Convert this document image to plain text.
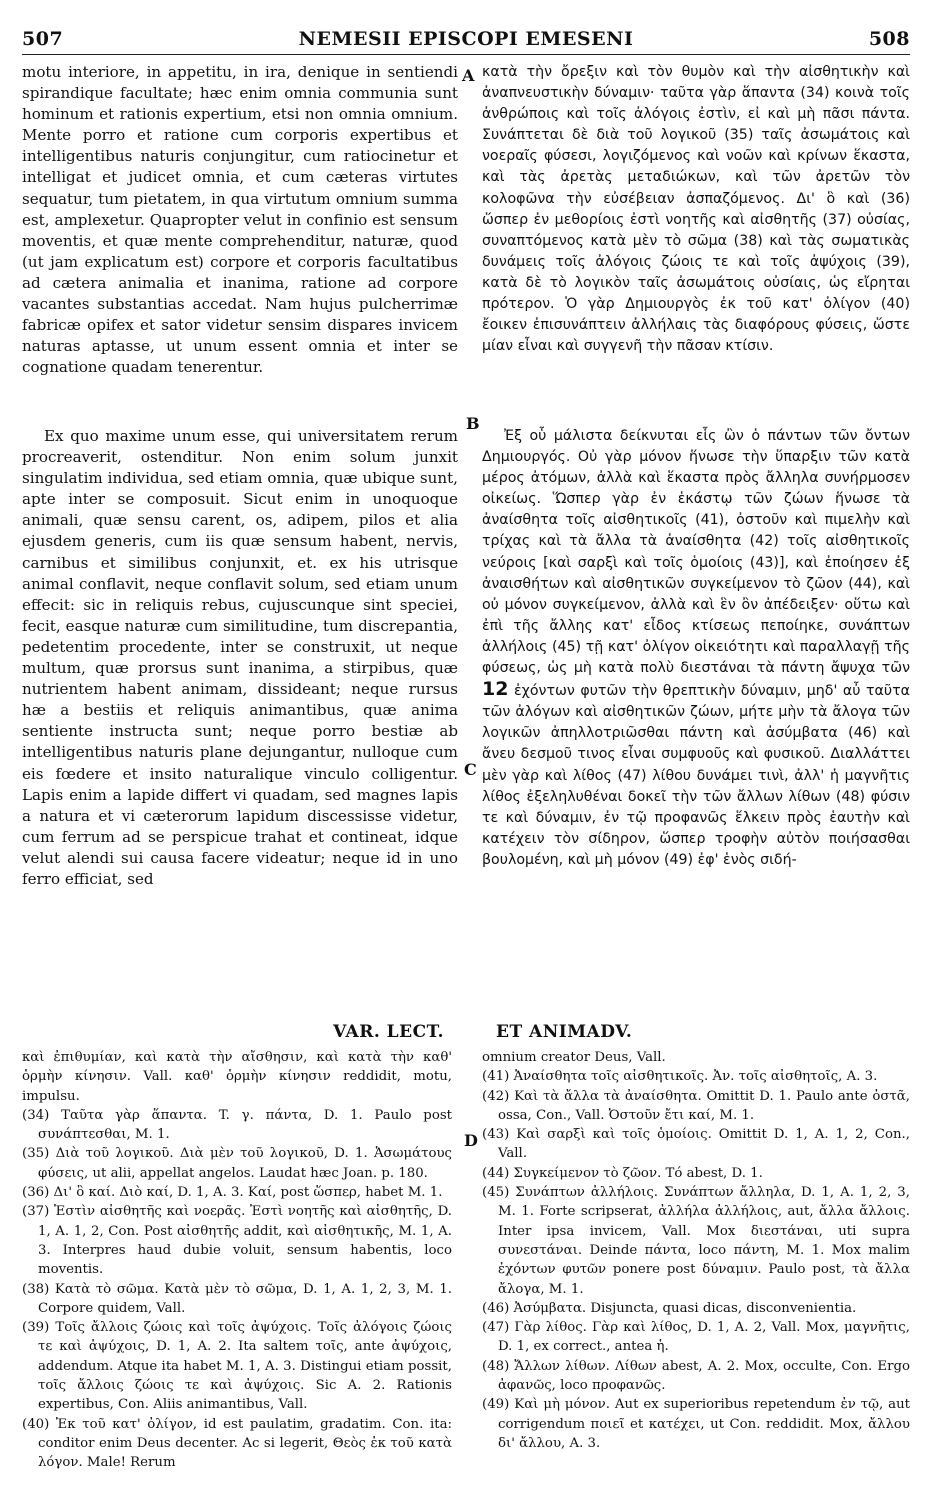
507	NEMESII EPISCOPI EMESENI	508

motu interiore, in appetitu, in ira, denique in sentiendi spirandique facultate; hæc enim omnia communia sunt hominum et rationis expertium, etsi non omnia omnium. Mente porro et ratione cum corporis expertibus et intelligentibus naturis conjungitur, cum ratiocinetur et intelligat et judicet omnia, et cum cæteras virtutes sequatur, tum pietatem, in qua virtutum omnium summa est, amplexetur. Quapropter velut in confinio est sensum moventis, et quæ mente comprehenditur, naturæ, quod (ut jam explicatum est) corpore et corporis facultatibus ad cætera animalia et inanima, ratione ad corpore vacantes substantias accedat. Nam hujus pulcherrimæ fabricæ opifex et sator videtur sensim dispares invicem naturas aptasse, ut unum essent omnia et inter se cognatione quadam tenerentur.

Ex quo maxime unum esse, qui universitatem rerum procreaverit, ostenditur. Non enim solum junxit singulatim individua, sed etiam omnia, quæ ubique sunt, apte inter se composuit. Sicut enim in unoquoque animali, quæ sensu carent, os, adipem, pilos et alia ejusdem generis, cum iis quæ sensum habent, nervis, carnibus et similibus conjunxit, et. ex his utrisque animal conflavit, neque conflavit solum, sed etiam unum effecit: sic in reliquis rebus, cujuscunque sint speciei, fecit, easque naturæ cum similitudine, tum discrepantia, pedetentim procedente, inter se construxit, ut neque multum, quæ prorsus sunt inanima, a stirpibus, quæ nutrientem habent animam, dissideant; neque rursus hæ a bestiis et reliquis animantibus, quæ anima sentiente instructa sunt; neque porro bestiæ ab intelligentibus naturis plane dejungantur, nulloque cum eis fœdere et insito naturalique vinculo colligentur. Lapis enim a lapide differt vi quadam, sed magnes lapis a natura et vi cæterorum lapidum discessisse videtur, cum ferrum ad se perspicue trahat et contineat, idque velut alendi sui causa facere videatur; neque id in uno ferro efficiat, sed

κατὰ τὴν ὄρεξιν καὶ τὸν θυμὸν καὶ τὴν αἰσθητικὴν καὶ ἀναπνευστικὴν δύναμιν· ταῦτα γὰρ ἅπαντα (34) κοινὰ τοῖς ἀνθρώποις καὶ τοῖς ἀλόγοις ἐστὶν, εἰ καὶ μὴ πᾶσι πάντα. Συνάπτεται δὲ διὰ τοῦ λογικοῦ (35) ταῖς ἀσωμάτοις καὶ νοεραῖς φύσεσι, λογιζόμενος καὶ νοῶν καὶ κρίνων ἕκαστα, καὶ τὰς ἀρετὰς μεταδιώκων, καὶ τῶν ἀρετῶν τὸν κολοφῶνα τὴν εὐσέβειαν ἀσπαζόμενος. Δι' ὃ καὶ (36) ὥσπερ ἐν μεθορίοις ἐστὶ νοητῆς καὶ αἰσθητῆς (37) οὐσίας, συναπτόμενος κατὰ μὲν τὸ σῶμα (38) καὶ τὰς σωματικὰς δυνάμεις τοῖς ἀλόγοις ζώοις τε καὶ τοῖς ἀψύχοις (39), κατὰ δὲ τὸ λογικὸν ταῖς ἀσωμάτοις οὐσίαις, ὡς εἴρηται πρότερον. Ὁ γὰρ Δημιουργὸς ἐκ τοῦ κατ' ὀλίγον (40) ἔοικεν ἐπισυνάπτειν ἀλλήλαις τὰς διαφόρους φύσεις, ὥστε μίαν εἶναι καὶ συγγενῆ τὴν πᾶσαν κτίσιν.

Ἐξ οὗ μάλιστα δείκνυται εἷς ὢν ὁ πάντων τῶν ὄντων Δημιουργός. Οὐ γὰρ μόνον ἥνωσε τὴν ὕπαρξιν τῶν κατὰ μέρος ἀτόμων, ἀλλὰ καὶ ἕκαστα πρὸς ἄλληλα συνήρμοσεν οἰκείως. Ὥσπερ γὰρ ἐν ἑκάστῳ τῶν ζώων ἥνωσε τὰ ἀναίσθητα τοῖς αἰσθητικοῖς (41), ὀστοῦν καὶ πιμελὴν καὶ τρίχας καὶ τὰ ἄλλα τὰ ἀναίσθητα (42) τοῖς αἰσθητικοῖς νεύροις [καὶ σαρξὶ καὶ τοῖς ὁμοίοις (43)], καὶ ἐποίησεν ἐξ ἀναισθήτων καὶ αἰσθητικῶν συγκείμενον τὸ ζῶον (44), καὶ οὐ μόνον συγκείμενον, ἀλλὰ καὶ ἓν ὂν ἀπέδειξεν· οὕτω καὶ ἐπὶ τῆς ἄλλης κατ' εἶδος κτίσεως πεποίηκε, συνάπτων ἀλλήλοις (45) τῇ κατ' ὀλίγον οἰκειότητι καὶ παραλλαγῇ τῆς φύσεως, ὡς μὴ κατὰ πολὺ διεστάναι τὰ πάντη ἄψυχα τῶν 12 ἐχόντων φυτῶν τὴν θρεπτικὴν δύναμιν, μηδ' αὖ ταῦτα τῶν ἀλόγων καὶ αἰσθητικῶν ζώων, μήτε μὴν τὰ ἄλογα τῶν λογικῶν ἀπηλλοτριῶσθαι πάντη καὶ ἀσύμβατα (46) καὶ ἄνευ δεσμοῦ τινος εἶναι συμφυοῦς καὶ φυσικοῦ. Διαλλάττει μὲν γὰρ καὶ λίθος (47) λίθου δυνάμει τινὶ, ἀλλ' ἡ μαγνῆτις λίθος ἐξεληλυθέναι δοκεῖ τὴν τῶν ἄλλων λίθων (48) φύσιν τε καὶ δύναμιν, ἐν τῷ προφανῶς ἕλκειν πρὸς ἑαυτὴν καὶ κατέχειν τὸν σίδηρον, ὥσπερ τροφὴν αὐτὸν ποιήσασθαι βουλομένη, καὶ μὴ μόνον (49) ἐφ' ἑνὸς σιδή-

A
B
C
D
VAR. LECT.	ET ANIMADV.

καὶ ἐπιθυμίαν, καὶ κατὰ τὴν αἴσθησιν, καὶ κατὰ τὴν καθ' ὁρμὴν κίνησιν. Vall. καθ' ὁρμὴν κίνησιν reddidit, motu, impulsu.

(34) Ταῦτα γὰρ ἅπαντα. T. γ. πάντα, D. 1. Paulo post συνάπτεσθαι, M. 1.

(35) Διὰ τοῦ λογικοῦ. Διὰ μὲν τοῦ λογικοῦ, D. 1. Ἀσωμάτους φύσεις, ut alii, appellat angelos. Laudat hæc Joan. p. 180.

(36) Δι' ὃ καί. Διὸ καί, D. 1, A. 3. Καί, post ὥσπερ, habet M. 1.

(37) Ἐστὶν αἰσθητῆς καὶ νοερᾶς. Ἐστὶ νοητῆς καὶ αἰσθητῆς, D. 1, A. 1, 2, Con. Post αἰσθητῆς addit, καὶ αἰσθητικῆς, M. 1, A. 3. Interpres haud dubie voluit, sensum habentis, loco moventis.

(38) Κατὰ τὸ σῶμα. Κατὰ μὲν τὸ σῶμα, D. 1, A. 1, 2, 3, M. 1. Corpore quidem, Vall.

(39) Τοῖς ἄλλοις ζώοις καὶ τοῖς ἀψύχοις. Τοῖς ἀλόγοις ζώοις τε καὶ ἀψύχοις, D. 1, A. 2. Ita saltem τοῖς, ante ἀψύχοις, addendum. Atque ita habet M. 1, A. 3. Distingui etiam possit, τοῖς ἄλλοις ζώοις τε καὶ ἀψύχοις. Sic A. 2. Rationis expertibus, Con. Aliis animantibus, Vall.

(40) Ἐκ τοῦ κατ' ὀλίγον, id est paulatim, gradatim. Con. ita: conditor enim Deus decenter. Ac si legerit, Θεὸς ἐκ τοῦ κατὰ λόγον. Male! Rerum

omnium creator Deus, Vall.

(41) Ἀναίσθητα τοῖς αἰσθητικοῖς. Ἀν. τοῖς αἰσθητοῖς, A. 3.

(42) Καὶ τὰ ἄλλα τὰ ἀναίσθητα. Omittit D. 1. Paulo ante ὀστᾶ, ossa, Con., Vall. Ὀστοῦν ἔτι καί, M. 1.

(43) Καὶ σαρξὶ καὶ τοῖς ὁμοίοις. Omittit D. 1, A. 1, 2, Con., Vall.

(44) Συγκείμενον τὸ ζῶον. Τό abest, D. 1.

(45) Συνάπτων ἀλλήλοις. Συνάπτων ἄλληλα, D. 1, A. 1, 2, 3, M. 1. Forte scripserat, ἀλλήλα ἀλλήλοις, aut, ἄλλα ἄλλοις. Inter ipsa invicem, Vall. Mox διεστάναι, uti supra συνεστάναι. Deinde πάντα, loco πάντη, M. 1. Mox malim ἐχόντων φυτῶν ponere post δύναμιν. Paulo post, τὰ ἄλλα ἄλογα, M. 1.

(46) Ἀσύμβατα. Disjuncta, quasi dicas, disconvenientia.

(47) Γὰρ λίθος. Γὰρ καὶ λίθος, D. 1, A. 2, Vall. Mox, μαγνῆτις, D. 1, ex correct., antea ἡ.

(48) Ἄλλων λίθων. Λίθων abest, A. 2. Mox, occulte, Con. Ergo ἀφανῶς, loco προφανῶς.

(49) Καὶ μὴ μόνον. Aut ex superioribus repetendum ἐν τῷ, aut corrigendum ποιεῖ et κατέχει, ut Con. reddidit. Mox, ἄλλου δι' ἄλλου, A. 3.
